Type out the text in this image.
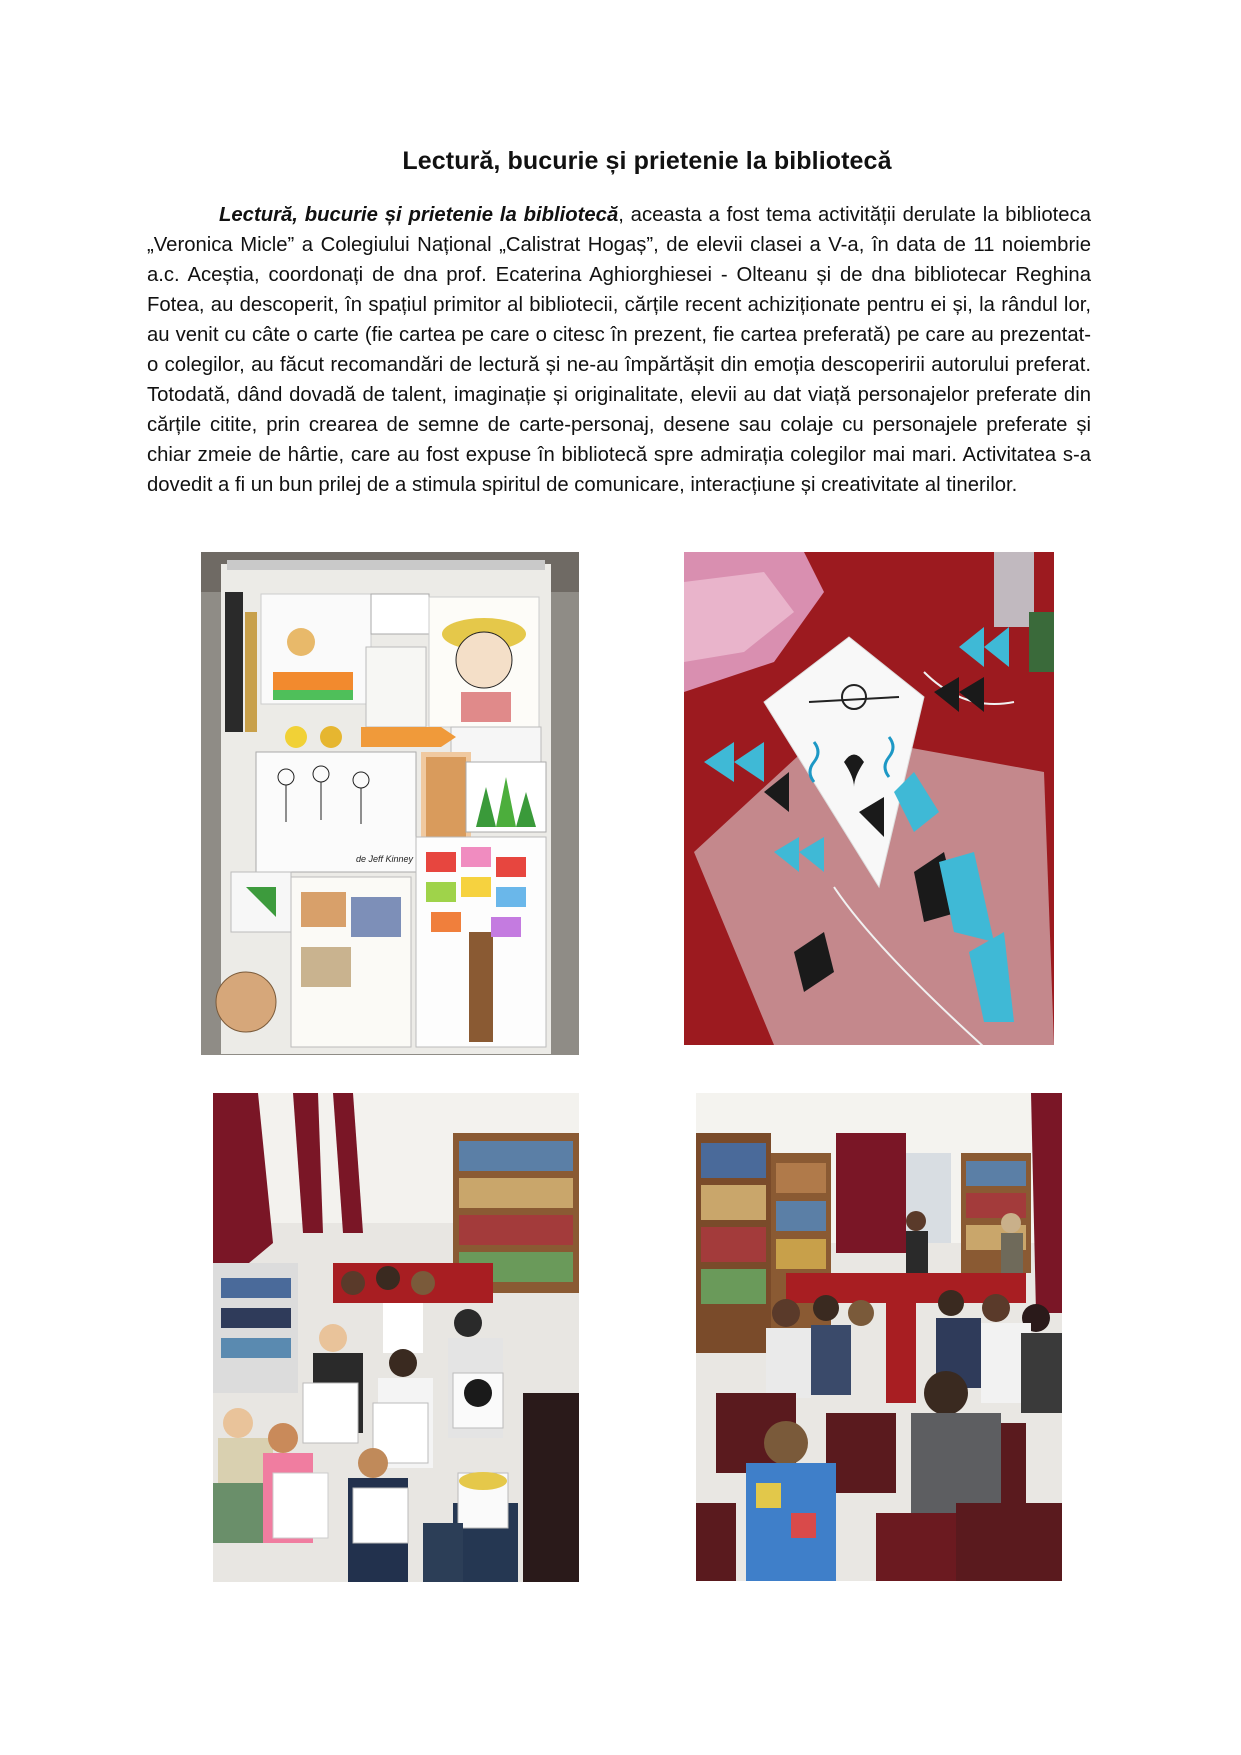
Lectură, bucurie și prietenie la bibliotecă

Lectură, bucurie și prietenie la bibliotecă, aceasta a fost tema activității derulate la biblioteca „Veronica Micle” a Colegiului Național „Calistrat Hogaș”, de elevii clasei a V-a, în data de 11 noiembrie a.c. Aceștia, coordonați de dna prof. Ecaterina Aghiorghiesei - Olteanu și de dna bibliotecar Reghina Fotea, au descoperit, în spațiul primitor al bibliotecii, cărțile recent achiziționate pentru ei și, la rândul lor, au venit cu câte o carte (fie cartea pe care o citesc în prezent, fie cartea preferată) pe care au prezentat-o colegilor, au făcut recomandări de lectură și ne-au împărtășit din emoția descoperirii autorului preferat. Totodată, dând dovadă de talent, imaginație și originalitate, elevii au dat viață personajelor preferate din cărțile citite, prin crearea de semne de carte-personaj, desene sau colaje cu personajele preferate și chiar zmeie de hârtie, care au fost expuse în bibliotecă spre admirația colegilor mai mari. Activitatea s-a dovedit a fi un bun prilej de a stimula spiritul de comunicare, interacțiune și creativitate al tinerilor.

de Jeff Kinney
